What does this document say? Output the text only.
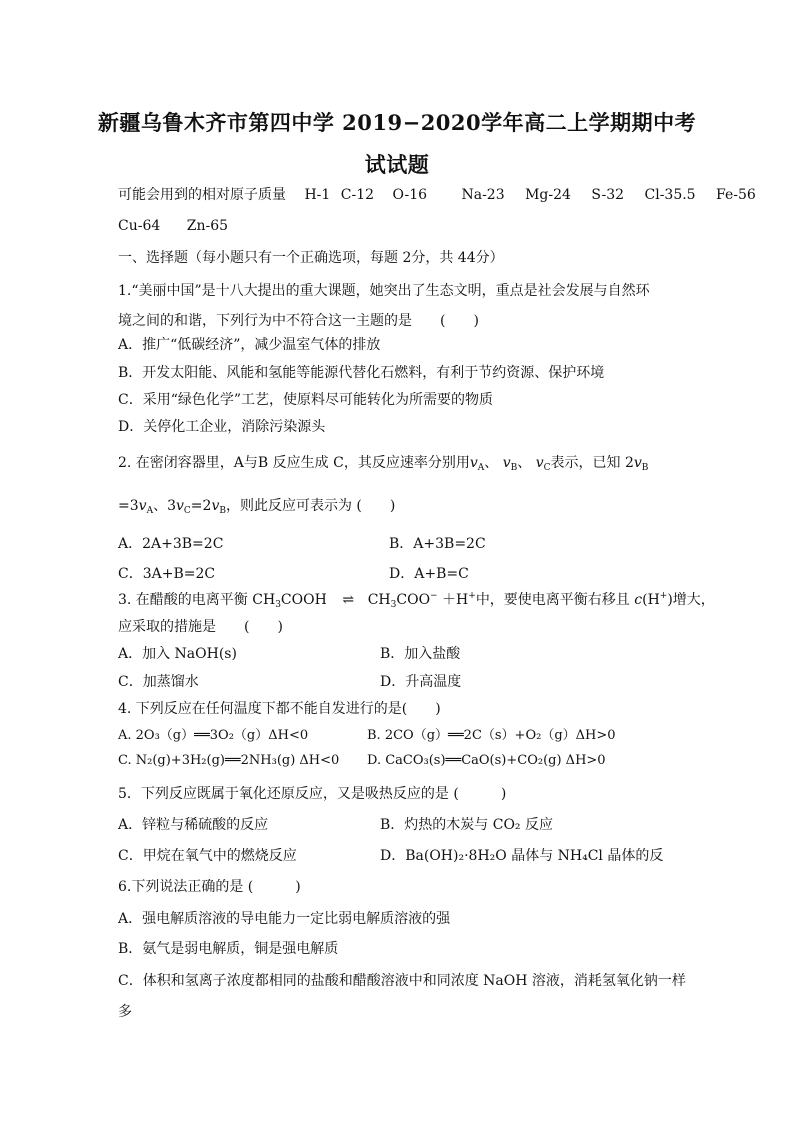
新疆乌鲁木齐市第四中学 2019−2020学年高二上学期期中考
试试题
可能会用到的相对原子质量 H-1 C-12 O-16 Na-23 Mg-24 S-32 Cl-35.5 Fe-56
Cu-64 Zn-65
一、选择题（每小题只有一个正确选项，每题 2分，共 44分）
1.“美丽中国”是十八大提出的重大课题，她突出了生态文明，重点是社会发展与自然环
境之间的和谐，下列行为中不符合这一主题的是　　(　　)
A．推广“低碳经济”，减少温室气体的排放
B．开发太阳能、风能和氢能等能源代替化石燃料，有利于节约资源、保护环境
C．采用“绿色化学”工艺，使原料尽可能转化为所需要的物质
D．关停化工企业，消除污染源头
2. 在密闭容器里，A与B 反应生成 C，其反应速率分别用$v_A$、 $v_B$、 $v_C$表示，已知 $2v_B$
$=3v_A$、$3v_C=2v_B$，则此反应可表示为 (　　)
A．2A+3B=2C	B．A+3B=2C
C．3A+B=2C	D．A+B=C
3. 在醋酸的电离平衡 $CH_3COOH$ ⇌ $CH_3COO^- +H^+$中，要使电离平衡右移且 c(H+)增大，
应采取的措施是　　(　　)
A．加入 NaOH(s)	B．加入盐酸
C．加蒸馏水	D．升高温度
4. 下列反应在任何温度下都不能自发进行的是(　　)
A. 2O₃（g）══3O₂（g）ΔH<0	B. 2CO（g）══2C（s）+O₂（g）ΔH>0
C. N₂(g)+3H₂(g)══2NH₃(g) ΔH<0 D. CaCO₃(s)══CaO(s)+CO₂(g) ΔH>0
5．下列反应既属于氧化还原反应，又是吸热反应的是 (　　　)
A．锌粒与稀硫酸的反应	B．灼热的木炭与 CO₂ 反应
C．甲烷在氧气中的燃烧反应	D．Ba(OH)₂·8H₂O 晶体与 NH₄Cl 晶体的反
6.下列说法正确的是 (　　　)
A．强电解质溶液的导电能力一定比弱电解质溶液的强
B．氨气是弱电解质，铜是强电解质
C．体积和氢离子浓度都相同的盐酸和醋酸溶液中和同浓度 NaOH 溶液，消耗氢氧化钠一样
多
